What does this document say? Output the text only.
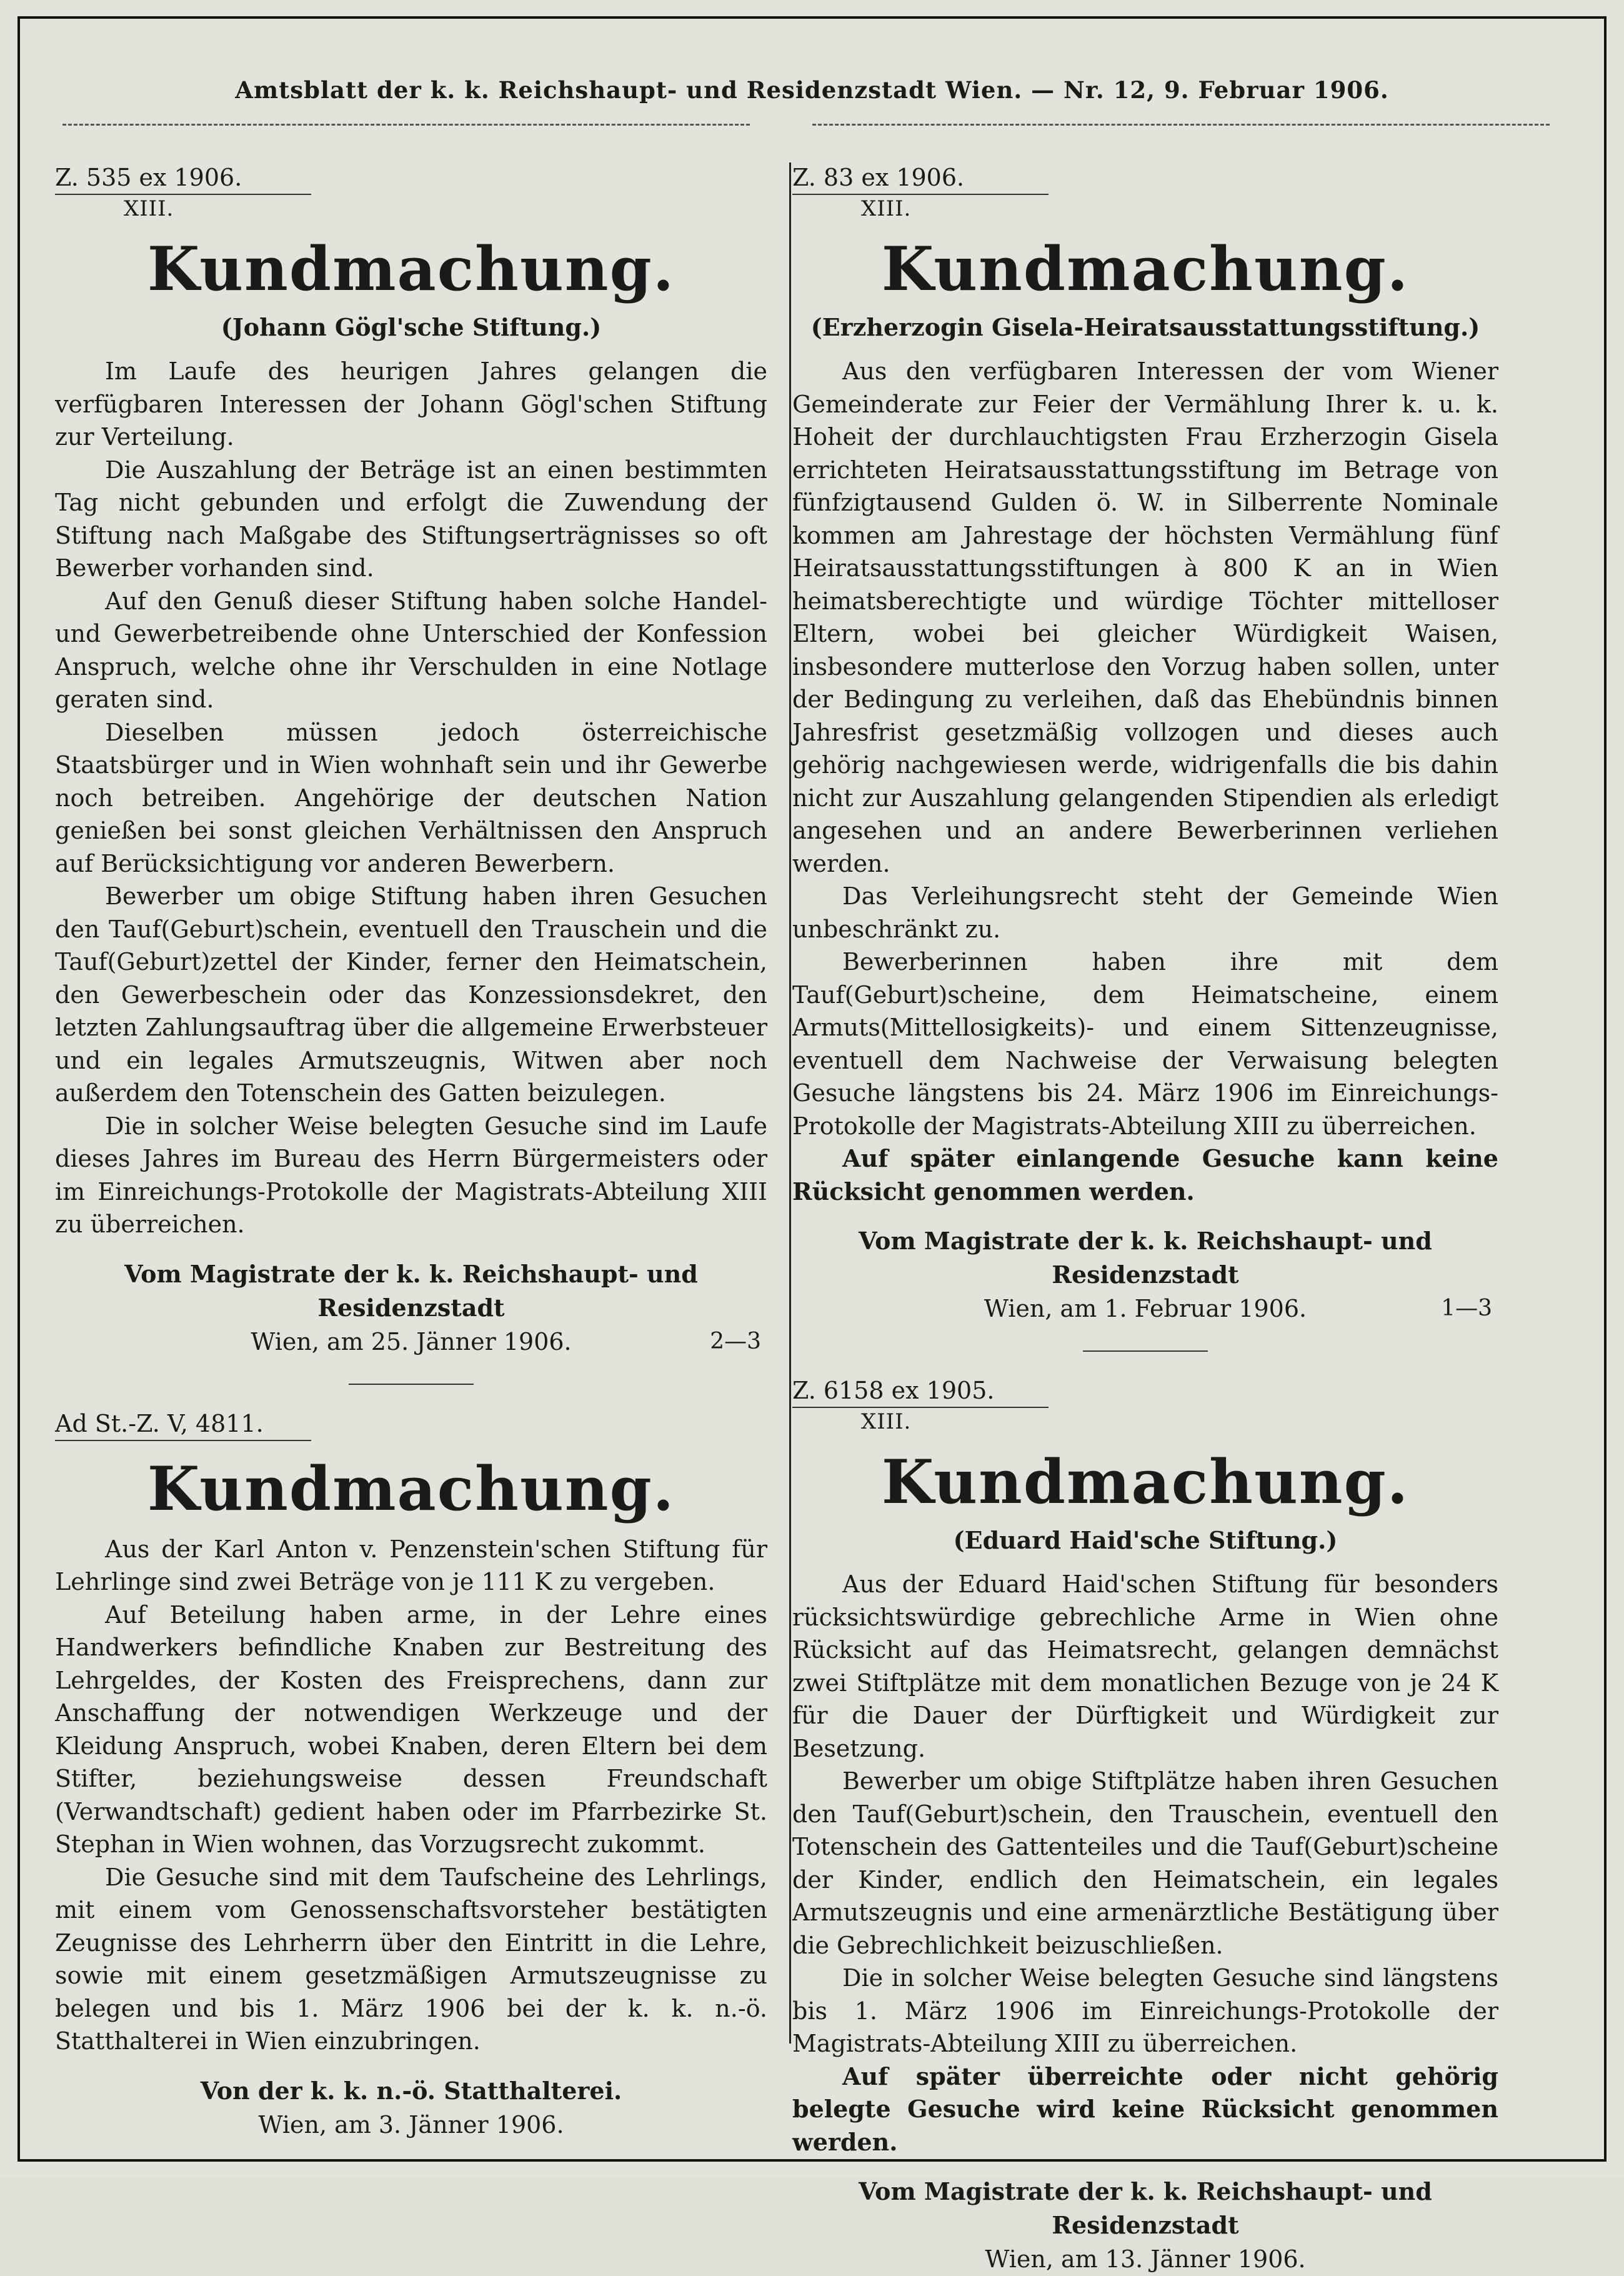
Amtsblatt der k. k. Reichshaupt- und Residenzstadt Wien. — Nr. 12, 9. Februar 1906.
Z. 535 ex 1906.
XIII.
Kundmachung.
(Johann Gögl'sche Stiftung.)

Im Laufe des heurigen Jahres gelangen die verfügbaren Interessen der Johann Gögl'schen Stiftung zur Verteilung.

Die Auszahlung der Beträge ist an einen bestimmten Tag nicht gebunden und erfolgt die Zuwendung der Stiftung nach Maßgabe des Stiftungserträgnisses so oft Bewerber vorhanden sind.

Auf den Genuß dieser Stiftung haben solche Handel- und Gewerbetreibende ohne Unterschied der Konfession Anspruch, welche ohne ihr Verschulden in eine Notlage geraten sind.

Dieselben müssen jedoch österreichische Staatsbürger und in Wien wohnhaft sein und ihr Gewerbe noch betreiben. Angehörige der deutschen Nation genießen bei sonst gleichen Verhältnissen den Anspruch auf Berücksichtigung vor anderen Bewerbern.

Bewerber um obige Stiftung haben ihren Gesuchen den Tauf(Geburt)schein, eventuell den Trauschein und die Tauf(Geburt)zettel der Kinder, ferner den Heimatschein, den Gewerbeschein oder das Konzessionsdekret, den letzten Zahlungsauftrag über die allgemeine Erwerbsteuer und ein legales Armutszeugnis, Witwen aber noch außerdem den Totenschein des Gatten beizulegen.

Die in solcher Weise belegten Gesuche sind im Laufe dieses Jahres im Bureau des Herrn Bürgermeisters oder im Einreichungs-Protokolle der Magistrats-Abteilung XIII zu überreichen.

Vom Magistrate der k. k. Reichshaupt- und Residenzstadt
Wien, am 25. Jänner 1906.	2—3
Ad St.-Z. V, 4811.
Kundmachung.

Aus der Karl Anton v. Penzenstein'schen Stiftung für Lehrlinge sind zwei Beträge von je 111 K zu vergeben.

Auf Beteilung haben arme, in der Lehre eines Handwerkers befindliche Knaben zur Bestreitung des Lehrgeldes, der Kosten des Freisprechens, dann zur Anschaffung der notwendigen Werkzeuge und der Kleidung Anspruch, wobei Knaben, deren Eltern bei dem Stifter, beziehungsweise dessen Freundschaft (Verwandtschaft) gedient haben oder im Pfarrbezirke St. Stephan in Wien wohnen, das Vorzugsrecht zukommt.

Die Gesuche sind mit dem Taufscheine des Lehrlings, mit einem vom Genossenschaftsvorsteher bestätigten Zeugnisse des Lehrherrn über den Eintritt in die Lehre, sowie mit einem gesetzmäßigen Armutszeugnisse zu belegen und bis 1. März 1906 bei der k. k. n.-ö. Statthalterei in Wien einzubringen.

Von der k. k. n.-ö. Statthalterei.
Wien, am 3. Jänner 1906.
Z. 83 ex 1906.
XIII.
Kundmachung.
(Erzherzogin Gisela-Heiratsausstattungsstiftung.)

Aus den verfügbaren Interessen der vom Wiener Gemeinderate zur Feier der Vermählung Ihrer k. u. k. Hoheit der durchlauchtigsten Frau Erzherzogin Gisela errichteten Heiratsausstattungsstiftung im Betrage von fünfzigtausend Gulden ö. W. in Silberrente Nominale kommen am Jahrestage der höchsten Vermählung fünf Heiratsausstattungsstiftungen à 800 K an in Wien heimatsberechtigte und würdige Töchter mittelloser Eltern, wobei bei gleicher Würdigkeit Waisen, insbesondere mutterlose den Vorzug haben sollen, unter der Bedingung zu verleihen, daß das Ehebündnis binnen Jahresfrist gesetzmäßig vollzogen und dieses auch gehörig nachgewiesen werde, widrigenfalls die bis dahin nicht zur Auszahlung gelangenden Stipendien als erledigt angesehen und an andere Bewerberinnen verliehen werden.

Das Verleihungsrecht steht der Gemeinde Wien unbeschränkt zu.

Bewerberinnen haben ihre mit dem Tauf(Geburt)scheine, dem Heimatscheine, einem Armuts(Mittellosigkeits)- und einem Sittenzeugnisse, eventuell dem Nachweise der Verwaisung belegten Gesuche längstens bis 24. März 1906 im Einreichungs-Protokolle der Magistrats-Abteilung XIII zu überreichen.

Auf später einlangende Gesuche kann keine Rücksicht genommen werden.

Vom Magistrate der k. k. Reichshaupt- und Residenzstadt
Wien, am 1. Februar 1906.	1—3
Z. 6158 ex 1905.
XIII.
Kundmachung.
(Eduard Haid'sche Stiftung.)

Aus der Eduard Haid'schen Stiftung für besonders rücksichtswürdige gebrechliche Arme in Wien ohne Rücksicht auf das Heimatsrecht, gelangen demnächst zwei Stiftplätze mit dem monatlichen Bezuge von je 24 K für die Dauer der Dürftigkeit und Würdigkeit zur Besetzung.

Bewerber um obige Stiftplätze haben ihren Gesuchen den Tauf(Geburt)schein, den Trauschein, eventuell den Totenschein des Gattenteiles und die Tauf(Geburt)scheine der Kinder, endlich den Heimatschein, ein legales Armutszeugnis und eine armenärztliche Bestätigung über die Gebrechlichkeit beizuschließen.

Die in solcher Weise belegten Gesuche sind längstens bis 1. März 1906 im Einreichungs-Protokolle der Magistrats-Abteilung XIII zu überreichen.

Auf später überreichte oder nicht gehörig belegte Gesuche wird keine Rücksicht genommen werden.

Vom Magistrate der k. k. Reichshaupt- und Residenzstadt
Wien, am 13. Jänner 1906.
